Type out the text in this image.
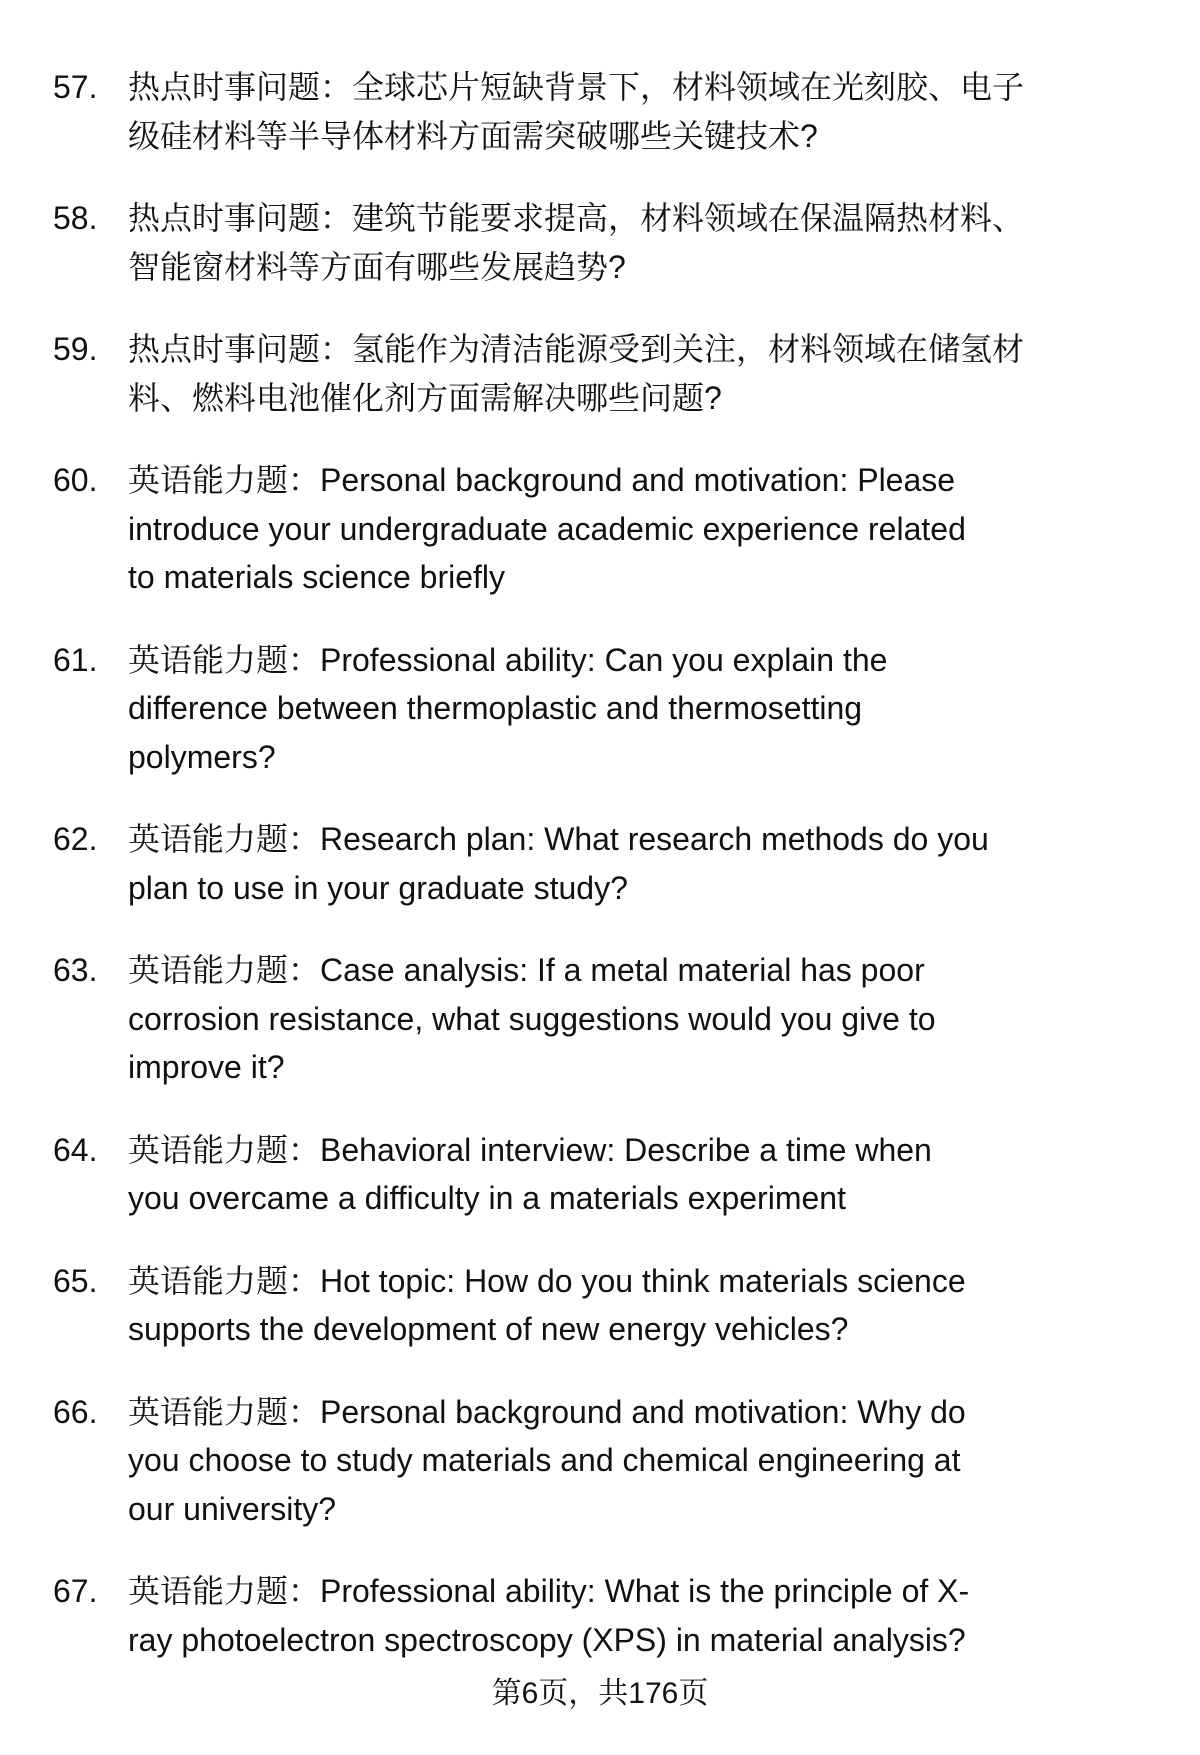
57. 热点时事问题：全球芯片短缺背景下，材料领域在光刻胶、电子
级硅材料等半导体材料方面需突破哪些关键技术?
58. 热点时事问题：建筑节能要求提高，材料领域在保温隔热材料、
智能窗材料等方面有哪些发展趋势?
59. 热点时事问题：氢能作为清洁能源受到关注，材料领域在储氢材
料、燃料电池催化剂方面需解决哪些问题?
60. 英语能力题：Personal background and motivation: Please
introduce your undergraduate academic experience related
to materials science briefly
61. 英语能力题：Professional ability: Can you explain the
difference between thermoplastic and thermosetting
polymers?
62. 英语能力题：Research plan: What research methods do you
plan to use in your graduate study?
63. 英语能力题：Case analysis: If a metal material has poor
corrosion resistance, what suggestions would you give to
improve it?
64. 英语能力题：Behavioral interview: Describe a time when
you overcame a difficulty in a materials experiment
65. 英语能力题：Hot topic: How do you think materials science
supports the development of new energy vehicles?
66. 英语能力题：Personal background and motivation: Why do
you choose to study materials and chemical engineering at
our university?
67. 英语能力题：Professional ability: What is the principle of X-
ray photoelectron spectroscopy (XPS) in material analysis?
第6页，共176页
